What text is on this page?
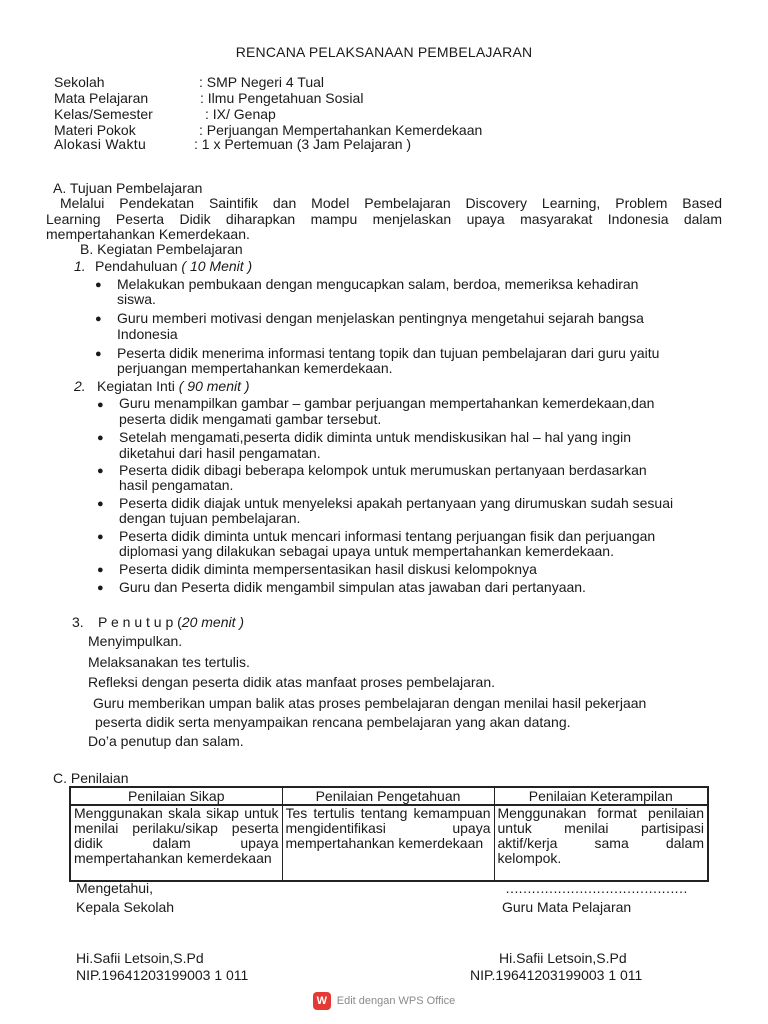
RENCANA PELAKSANAAN PEMBELAJARAN
Sekolah	: SMP Negeri 4 Tual
Mata Pelajaran	: Ilmu Pengetahuan Sosial
Kelas/Semester	: IX/ Genap
Materi Pokok	: Perjuangan Mempertahankan Kemerdekaan
Alokasi Waktu	: 1 x Pertemuan (3 Jam Pelajaran )
A. Tujuan Pembelajaran
Melalui Pendekatan Saintifik dan Model Pembelajaran Discovery Learning, Problem Based
Learning Peserta Didik diharapkan mampu menjelaskan upaya masyarakat Indonesia dalam
mempertahankan Kemerdekaan.
B. Kegiatan Pembelajaran
1. Pendahuluan ( 10 Menit )
● Melakukan pembukaan dengan mengucapkan salam, berdoa, memeriksa kehadiran
siswa.
● Guru memberi motivasi dengan menjelaskan pentingnya mengetahui sejarah bangsa
Indonesia
● Peserta didik menerima informasi tentang topik dan tujuan pembelajaran dari guru yaitu
perjuangan mempertahankan kemerdekaan.
2. Kegiatan Inti ( 90 menit )
● Guru menampilkan gambar – gambar perjuangan mempertahankan kemerdekaan,dan
peserta didik mengamati gambar tersebut.
● Setelah mengamati,peserta didik diminta untuk mendiskusikan hal – hal yang ingin
diketahui dari hasil pengamatan.
● Peserta didik dibagi beberapa kelompok untuk merumuskan pertanyaan berdasarkan
hasil pengamatan.
● Peserta didik diajak untuk menyeleksi apakah pertanyaan yang dirumuskan sudah sesuai
dengan tujuan pembelajaran.
● Peserta didik diminta untuk mencari informasi tentang perjuangan fisik dan perjuangan
diplomasi yang dilakukan sebagai upaya untuk mempertahankan kemerdekaan.
● Peserta didik diminta mempersentasikan hasil diskusi kelompoknya
● Guru dan Peserta didik mengambil simpulan atas jawaban dari pertanyaan.
3. P e n u t u p (20 menit )
Menyimpulkan.
Melaksanakan tes tertulis.
Refleksi dengan peserta didik atas manfaat proses pembelajaran.
Guru memberikan umpan balik atas proses pembelajaran dengan menilai hasil pekerjaan
peserta didik serta menyampaikan rencana pembelajaran yang akan datang.
Do’a penutup dan salam.
C. Penilaian
Penilaian Sikap	Penilaian Pengetahuan	Penilaian Keterampilan

Menggunakan skala sikap untuk menilai perilaku/sikap peserta didik dalam upaya mempertahankan kemerdekaan	Tes tertulis tentang kemampuan mengidentifikasi upaya mempertahankan kemerdekaan	Menggunakan format penilaian untuk menilai partisipasi aktif/kerja sama dalam kelompok.
Mengetahui,
Kepala Sekolah
Hi.Safii Letsoin,S.Pd
NIP.19641203199003 1 011
……………………………………
Guru Mata Pelajaran
Hi.Safii Letsoin,S.Pd
NIP.19641203199003 1 011
W Edit dengan WPS Office
